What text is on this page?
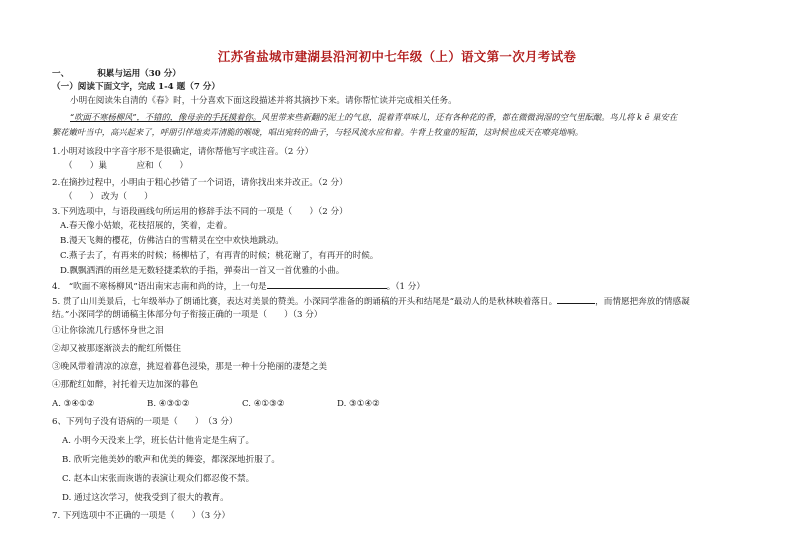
江苏省盐城市建湖县沿河初中七年级（上）语文第一次月考试卷
一、	积累与运用（30 分）
（一）阅读下面文字，完成 1-4 题（7 分）
小明在阅读朱自清的《春》时，十分喜欢下面这段描述并将其摘抄下来。请你帮忙读并完成相关任务。
“吹面不寒杨柳风”，不错的，像母亲的手抚摸着你。风里带来些新翻的泥土的气息，混着青草味儿，还有各种花的香，都在微微润湿的空气里酝酿。鸟儿将 k ē 巢安在
繁花嫩叶当中，高兴起来了，呼朋引伴地卖弄清脆的喉咙，唱出宛转的曲子，与轻风流水应和着。牛背上牧童的短笛，这时候也成天在嘹亮地响。
1.小明对该段中字音字形不是很确定，请你帮他写字或注音。（2 分）
（　　）巢	应和（　　）
2.在摘抄过程中，小明由于粗心抄错了一个词语，请你找出来并改正。（2 分）
（　　） 改为（　　）
3.下列选项中，与语段画线句所运用的修辞手法不同的一项是（　　）（2 分）
A.春天像小姑娘，花枝招展的，笑着，走着。
B.漫天飞舞的樱花，仿佛洁白的雪精灵在空中欢快地跳动。
C.燕子去了，有再来的时候；杨柳枯了，有再青的时候；桃花谢了，有再开的时候。
D.飘飘洒洒的雨丝是无数轻捷柔软的手指，弹奏出一首又一首优雅的小曲。
4.　“吹面不寒杨柳风”语出南宋志南和尚的诗，上一句是	。（1 分）
5. 贯了山川美景后，七年级举办了朗诵比赛，表达对美景的赞美。小深同学准备的朗诵稿的开头和结尾是“最动人的是秋林映着落日。	，而情愿把奔放的情感凝
结。”小深同学的朗诵稿主体部分句子衔接正确的一项是（　　）（3 分）
①让你徐流几行感怀身世之泪
②却又被那逐渐淡去的酡红所慑住
③晚风带着清凉的凉意，挑逗着暮色浸染，那是一种十分艳丽的凄楚之美
④那酡红如醉，衬托着天边加深的暮色
A. ③④①②	B. ④③①②	C. ④①③②	D. ③①④②
6、下列句子没有语病的一项是（　　）　（3 分）
A. 小明今天没来上学，班长估计他肯定是生病了。
B. 欣听完他美妙的歌声和优美的舞姿，都深深地折服了。
C. 赵本山宋张而诙谐的表演让观众们都忍俊不禁。
D. 通过这次学习，使我受到了很大的教育。
7. 下列选项中不正确的一项是（　　）（3 分）
